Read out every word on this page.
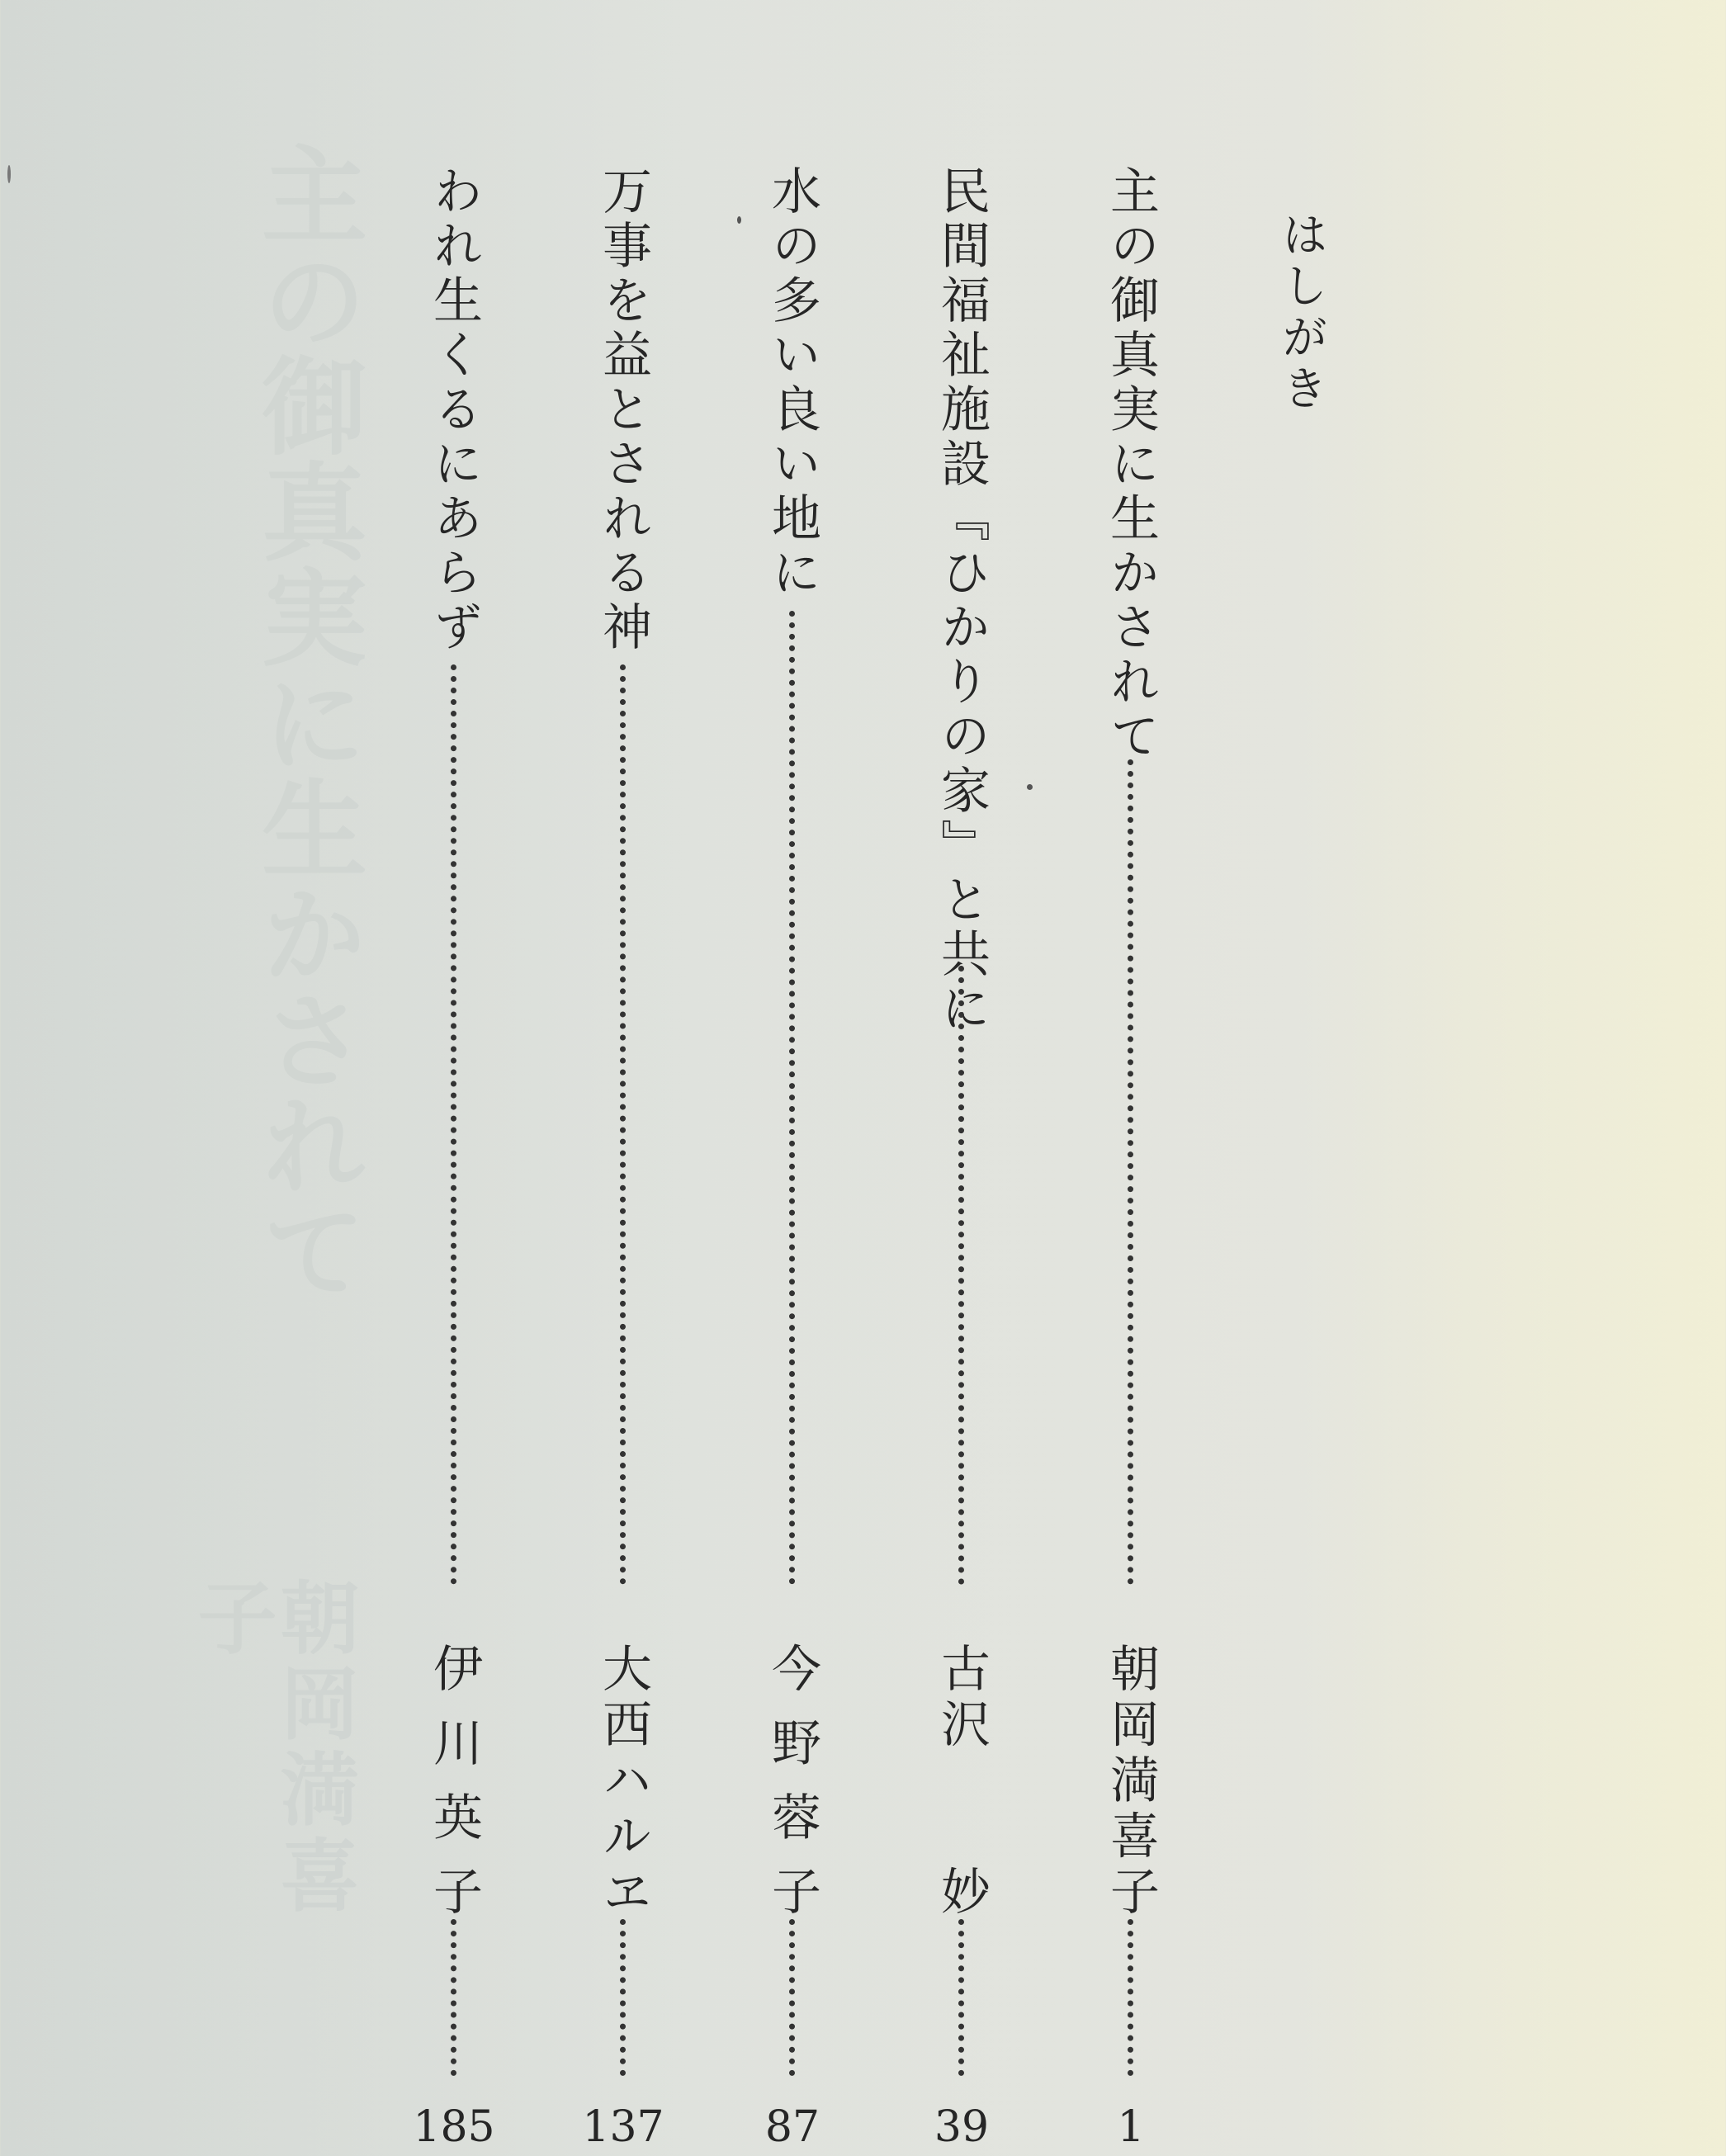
主の御真実に生かされて
朝岡満喜子
はしがき
主の御真実に生かされて
朝岡満喜子
1
民間福祉施設『ひかりの家』と共に
古沢　　妙
39
水の多い良い地に
今野蓉子
87
万事を益とされる神
大西ハルヱ
137
われ生くるにあらず
伊川英子
185
